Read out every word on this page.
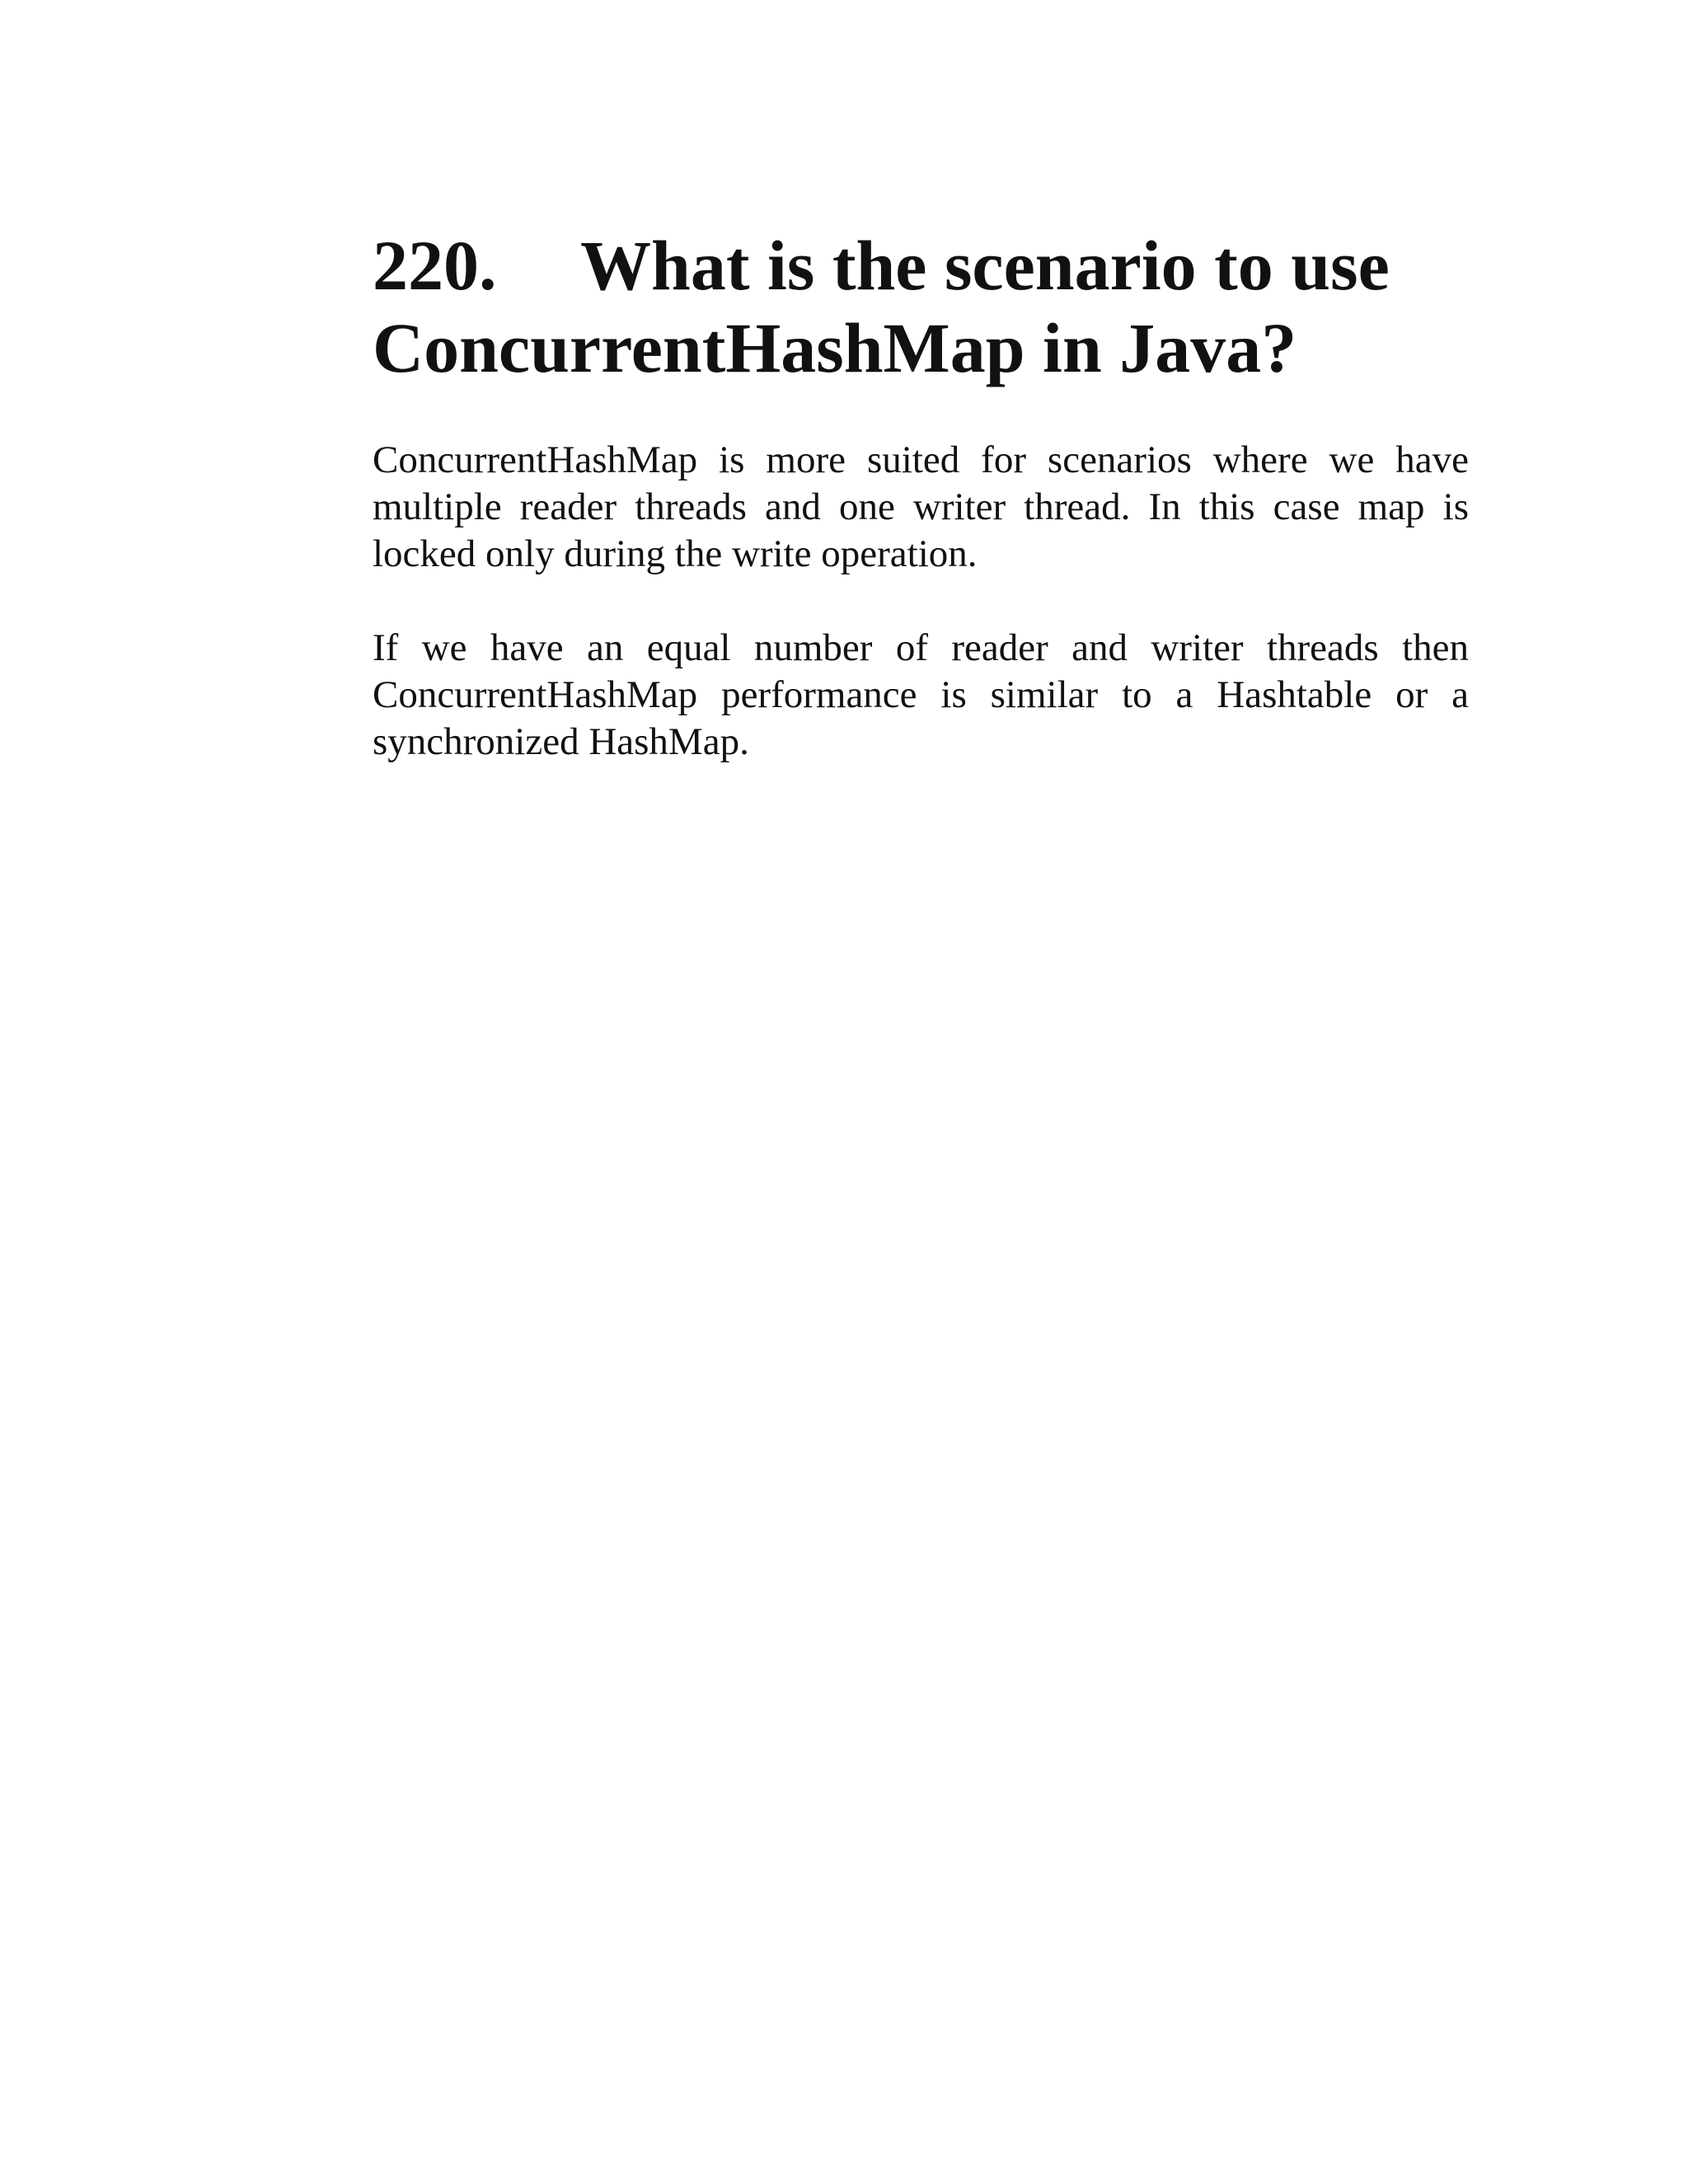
220. What is the scenario to use
ConcurrentHashMap in Java?

ConcurrentHashMap is more suited for scenarios where we have multiple reader threads and one writer thread. In this case map is locked only during the write operation.

If we have an equal number of reader and writer threads then ConcurrentHashMap performance is similar to a Hashtable or a synchronized HashMap.
